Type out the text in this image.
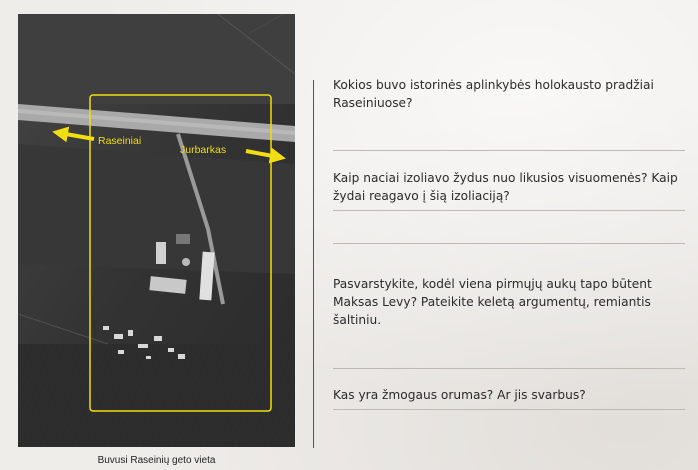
Raseiniai
Jurbarkas
Buvusi Raseinių geto vieta
Kokios buvo istorinės aplinkybės holokausto pradžiai Raseiniuose?
Kaip naciai izoliavo žydus nuo likusios visuomenės? Kaip žydai reagavo į šią izoliaciją?
Pasvarstykite, kodėl viena pirmųjų aukų tapo būtent Maksas Levy? Pateikite keletą argumentų, remiantis šaltiniu.
Kas yra žmogaus orumas? Ar jis svarbus?
